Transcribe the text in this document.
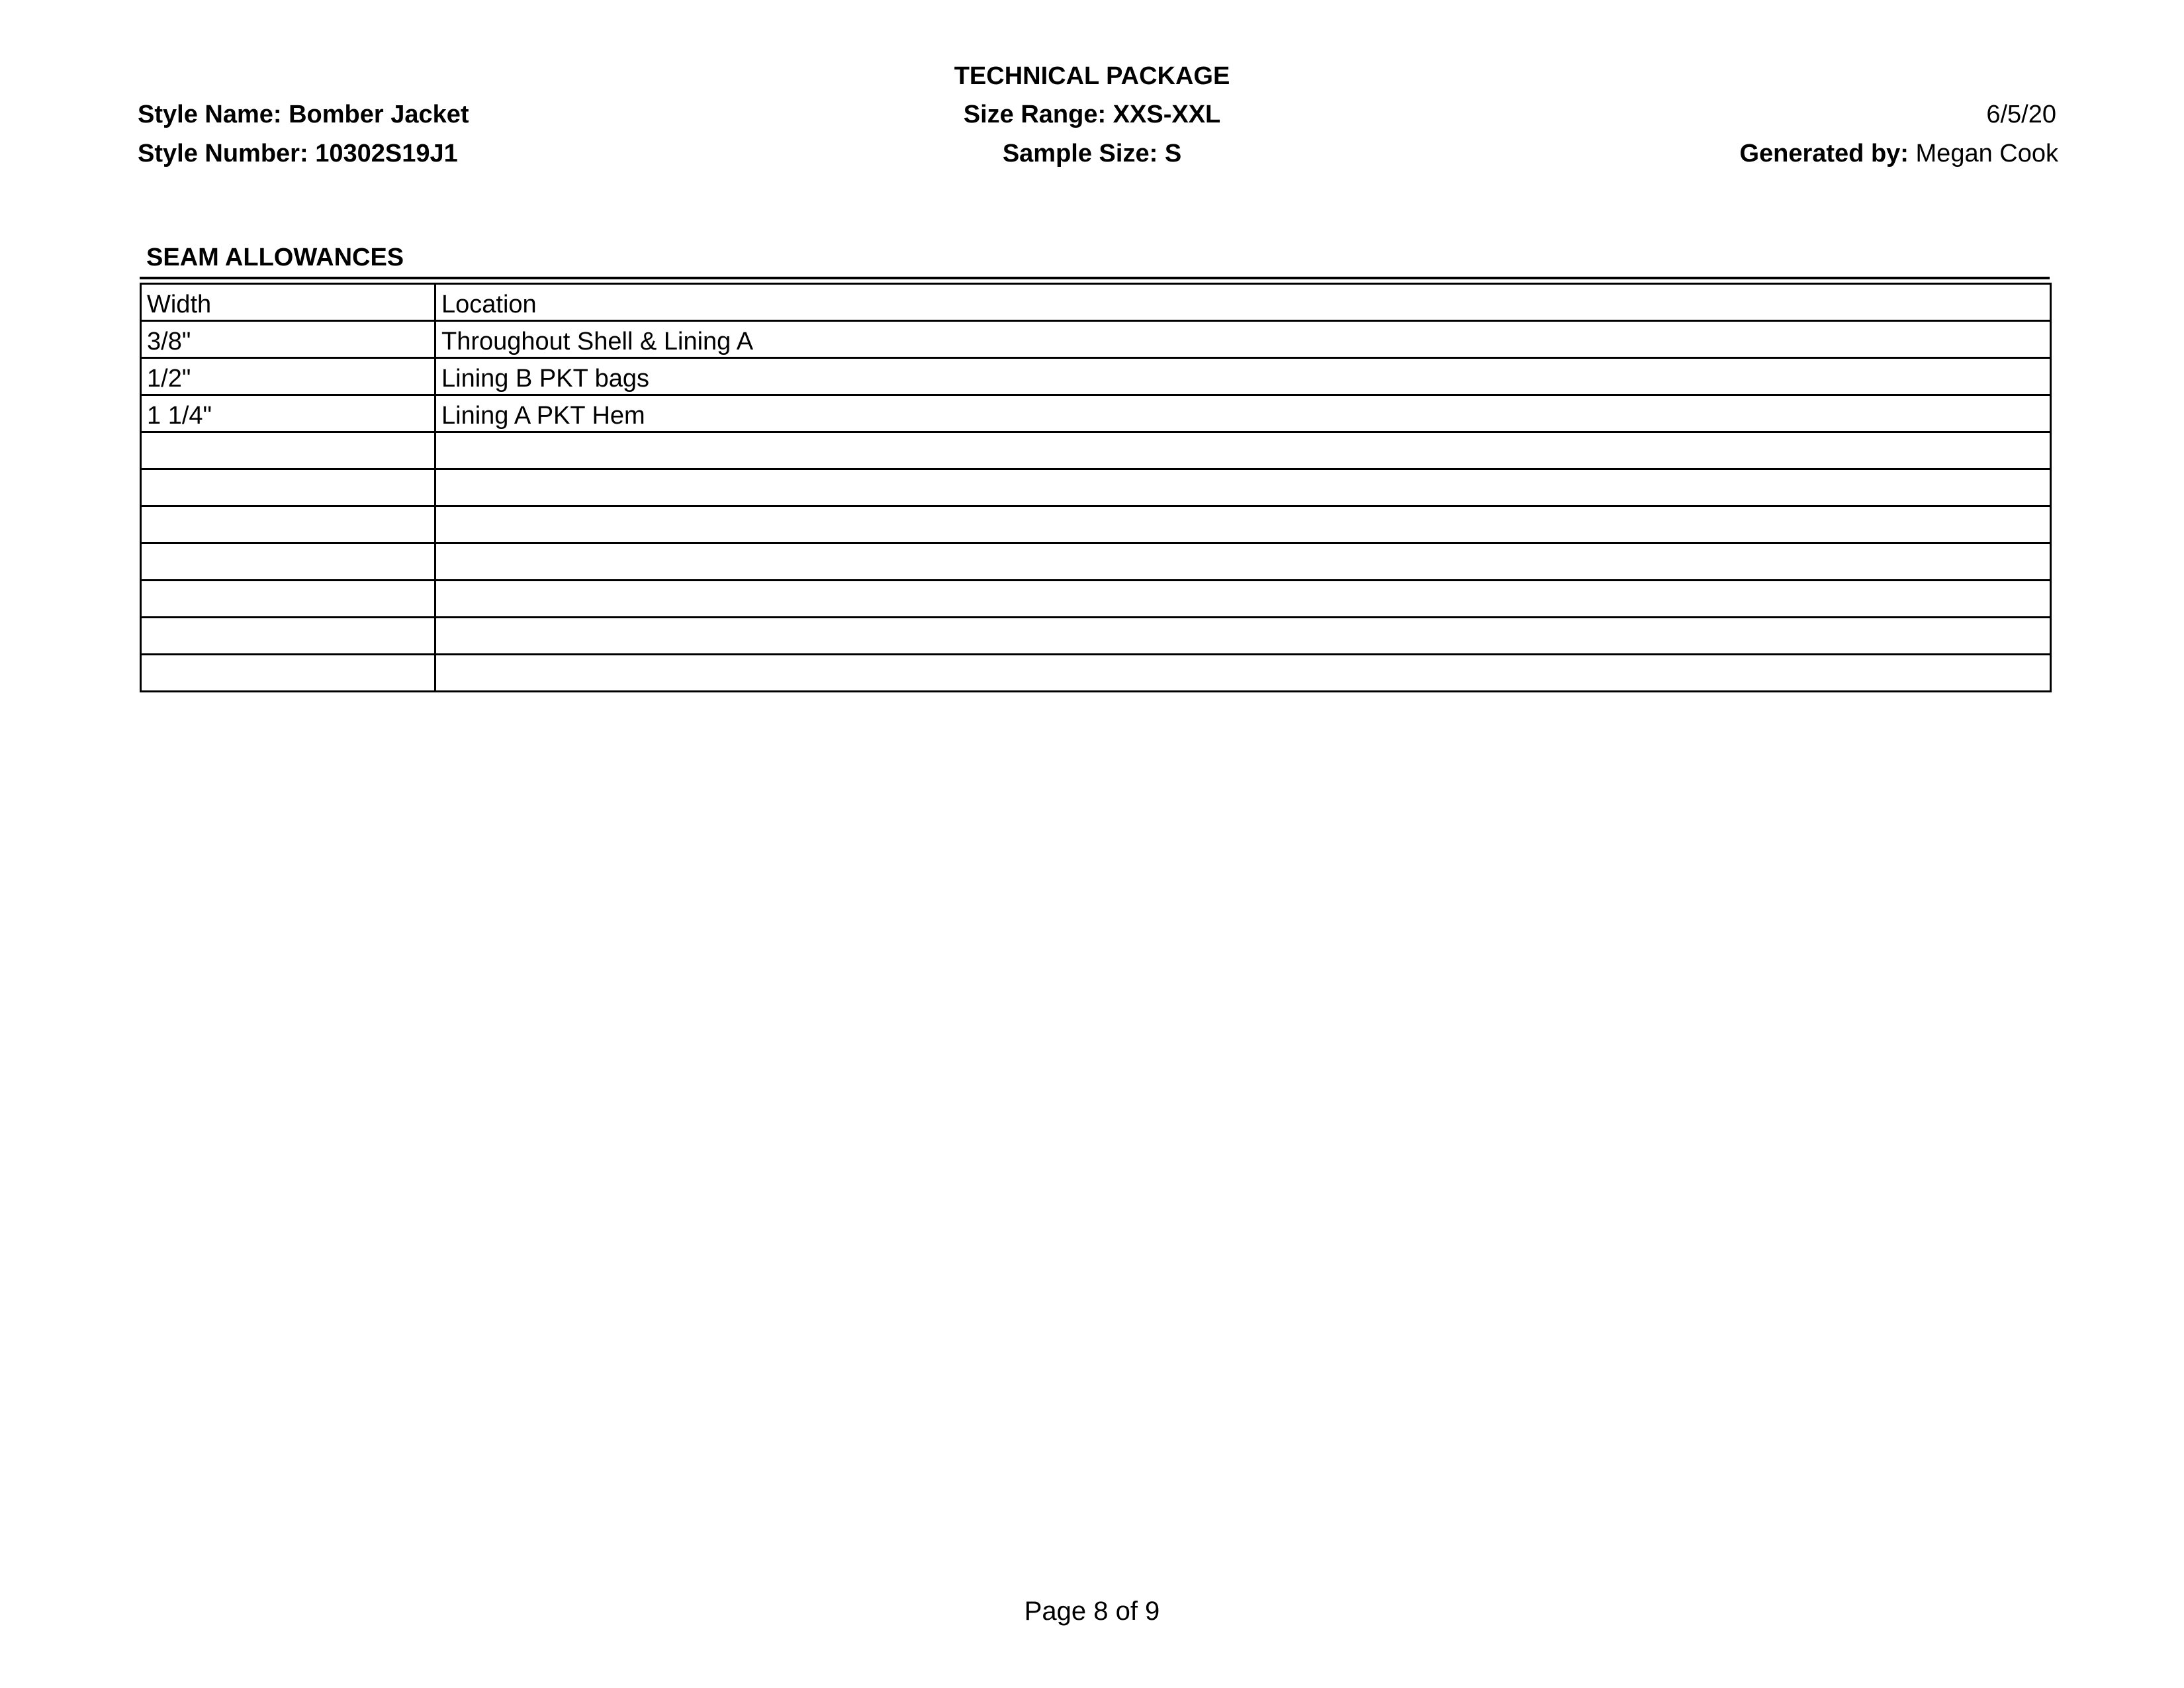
Style Name: Bomber Jacket
Style Number: 10302S19J1
TECHNICAL PACKAGE
Size Range: XXS-XXL
Sample Size: S
6/5/20
Generated by: Megan Cook
SEAM ALLOWANCES
Width	Location
3/8"	Throughout Shell & Lining A
1/2"	Lining B PKT bags
1 1/4"	Lining A PKT Hem

Page 8 of 9
